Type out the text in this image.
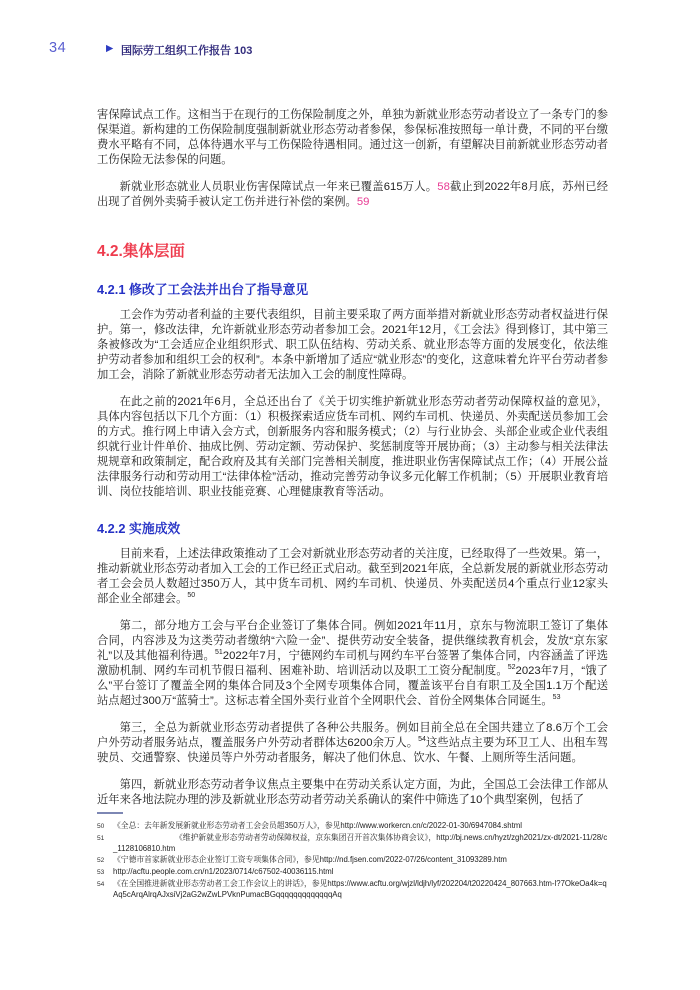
34	▶ 国际劳工组织工作报告 103

害保障试点工作。这相当于在现行的工伤保险制度之外，单独为新就业形态劳动者设立了一条专门的参保渠道。新构建的工伤保险制度强制新就业形态劳动者参保，参保标准按照每一单计费，不同的平台缴费水平略有不同，总体待遇水平与工伤保险待遇相同。通过这一创新，有望解决目前新就业形态劳动者工伤保险无法参保的问题。

新就业形态就业人员职业伤害保障试点一年来已覆盖615万人。58截止到2022年8月底，苏州已经出现了首例外卖骑手被认定工伤并进行补偿的案例。59

4.2.集体层面
4.2.1 修改了工会法并出台了指导意见

工会作为劳动者利益的主要代表组织，目前主要采取了两方面举措对新就业形态劳动者权益进行保护。第一，修改法律，允许新就业形态劳动者参加工会。2021年12月，《工会法》得到修订，其中第三条被修改为“工会适应企业组织形式、职工队伍结构、劳动关系、就业形态等方面的发展变化，依法维护劳动者参加和组织工会的权利”。本条中新增加了适应“就业形态”的变化，这意味着允许平台劳动者参加工会，消除了新就业形态劳动者无法加入工会的制度性障碍。

在此之前的2021年6月，全总还出台了《关于切实维护新就业形态劳动者劳动保障权益的意见》，具体内容包括以下几个方面：（1）积极探索适应货车司机、网约车司机、快递员、外卖配送员参加工会的方式。推行网上申请入会方式，创新服务内容和服务模式；（2）与行业协会、头部企业或企业代表组织就行业计件单价、抽成比例、劳动定额、劳动保护、奖惩制度等开展协商；（3）主动参与相关法律法规规章和政策制定，配合政府及其有关部门完善相关制度，推进职业伤害保障试点工作；（4）开展公益法律服务行动和劳动用工“法律体检”活动，推动完善劳动争议多元化解工作机制；（5）开展职业教育培训、岗位技能培训、职业技能竞赛、心理健康教育等活动。

4.2.2 实施成效

目前来看，上述法律政策推动了工会对新就业形态劳动者的关注度，已经取得了一些效果。第一，推动新就业形态劳动者加入工会的工作已经正式启动。截至到2021年底，全总新发展的新就业形态劳动者工会会员人数超过350万人，其中货车司机、网约车司机、快递员、外卖配送员4个重点行业12家头部企业全部建会。$^{50}$

第二，部分地方工会与平台企业签订了集体合同。例如2021年11月，京东与物流职工签订了集体合同，内容涉及为这类劳动者缴纳“六险一金”、提供劳动安全装备，提供继续教育机会，发放“京东家礼”以及其他福利待遇。$^{51}$2022年7月，宁德网约车司机与网约车平台签署了集体合同，内容涵盖了评选激励机制、网约车司机节假日福利、困难补助、培训活动以及职工工资分配制度。$^{52}$2023年7月，“饿了么”平台签订了覆盖全网的集体合同及3个全网专项集体合同，覆盖该平台自有职工及全国1.1万个配送站点超过300万“蓝骑士”。这标志着全国外卖行业首个全网职代会、首份全网集体合同诞生。$^{53}$

第三，全总为新就业形态劳动者提供了各种公共服务。例如目前全总在全国共建立了8.6万个工会户外劳动者服务站点，覆盖服务户外劳动者群体达6200余万人。$^{54}$这些站点主要为环卫工人、出租车驾驶员、交通警察、快递员等户外劳动者服务，解决了他们休息、饮水、午餐、上厕所等生活问题。

第四，新就业形态劳动者争议焦点主要集中在劳动关系认定方面，为此，全国总工会法律工作部从近年来各地法院办理的涉及新就业形态劳动者劳动关系确认的案件中筛选了10个典型案例，包括了

50	《全总：去年新发展新就业形态劳动者工会会员超350万人》，参见http://www.workercn.cn/c/2022-01-30/6947084.shtml
51	《维护新就业形态劳动者劳动保障权益，京东集团召开首次集体协商会议》，http://bj.news.cn/hyzt/zgh2021/zx-dt/2021-11/28/c_1128106810.htm
52	《宁德市首家新就业形态企业签订工资专项集体合同》，参见http://nd.fjsen.com/2022-07/26/content_31093289.htm
53	http://acftu.people.com.cn/n1/2023/0714/c67502-40036115.html
54	《在全国推进新就业形态劳动者工会工作会议上的讲话》，参见https://www.acftu.org/wjzl/ldjh/lyf/202204/t20220424_807663.htm-l?7OkeOa4k=qAq5cArqAlrqAJxsiVj2aG2wZwLPVknPumacBGqqqqqqqqqqqqqAq
